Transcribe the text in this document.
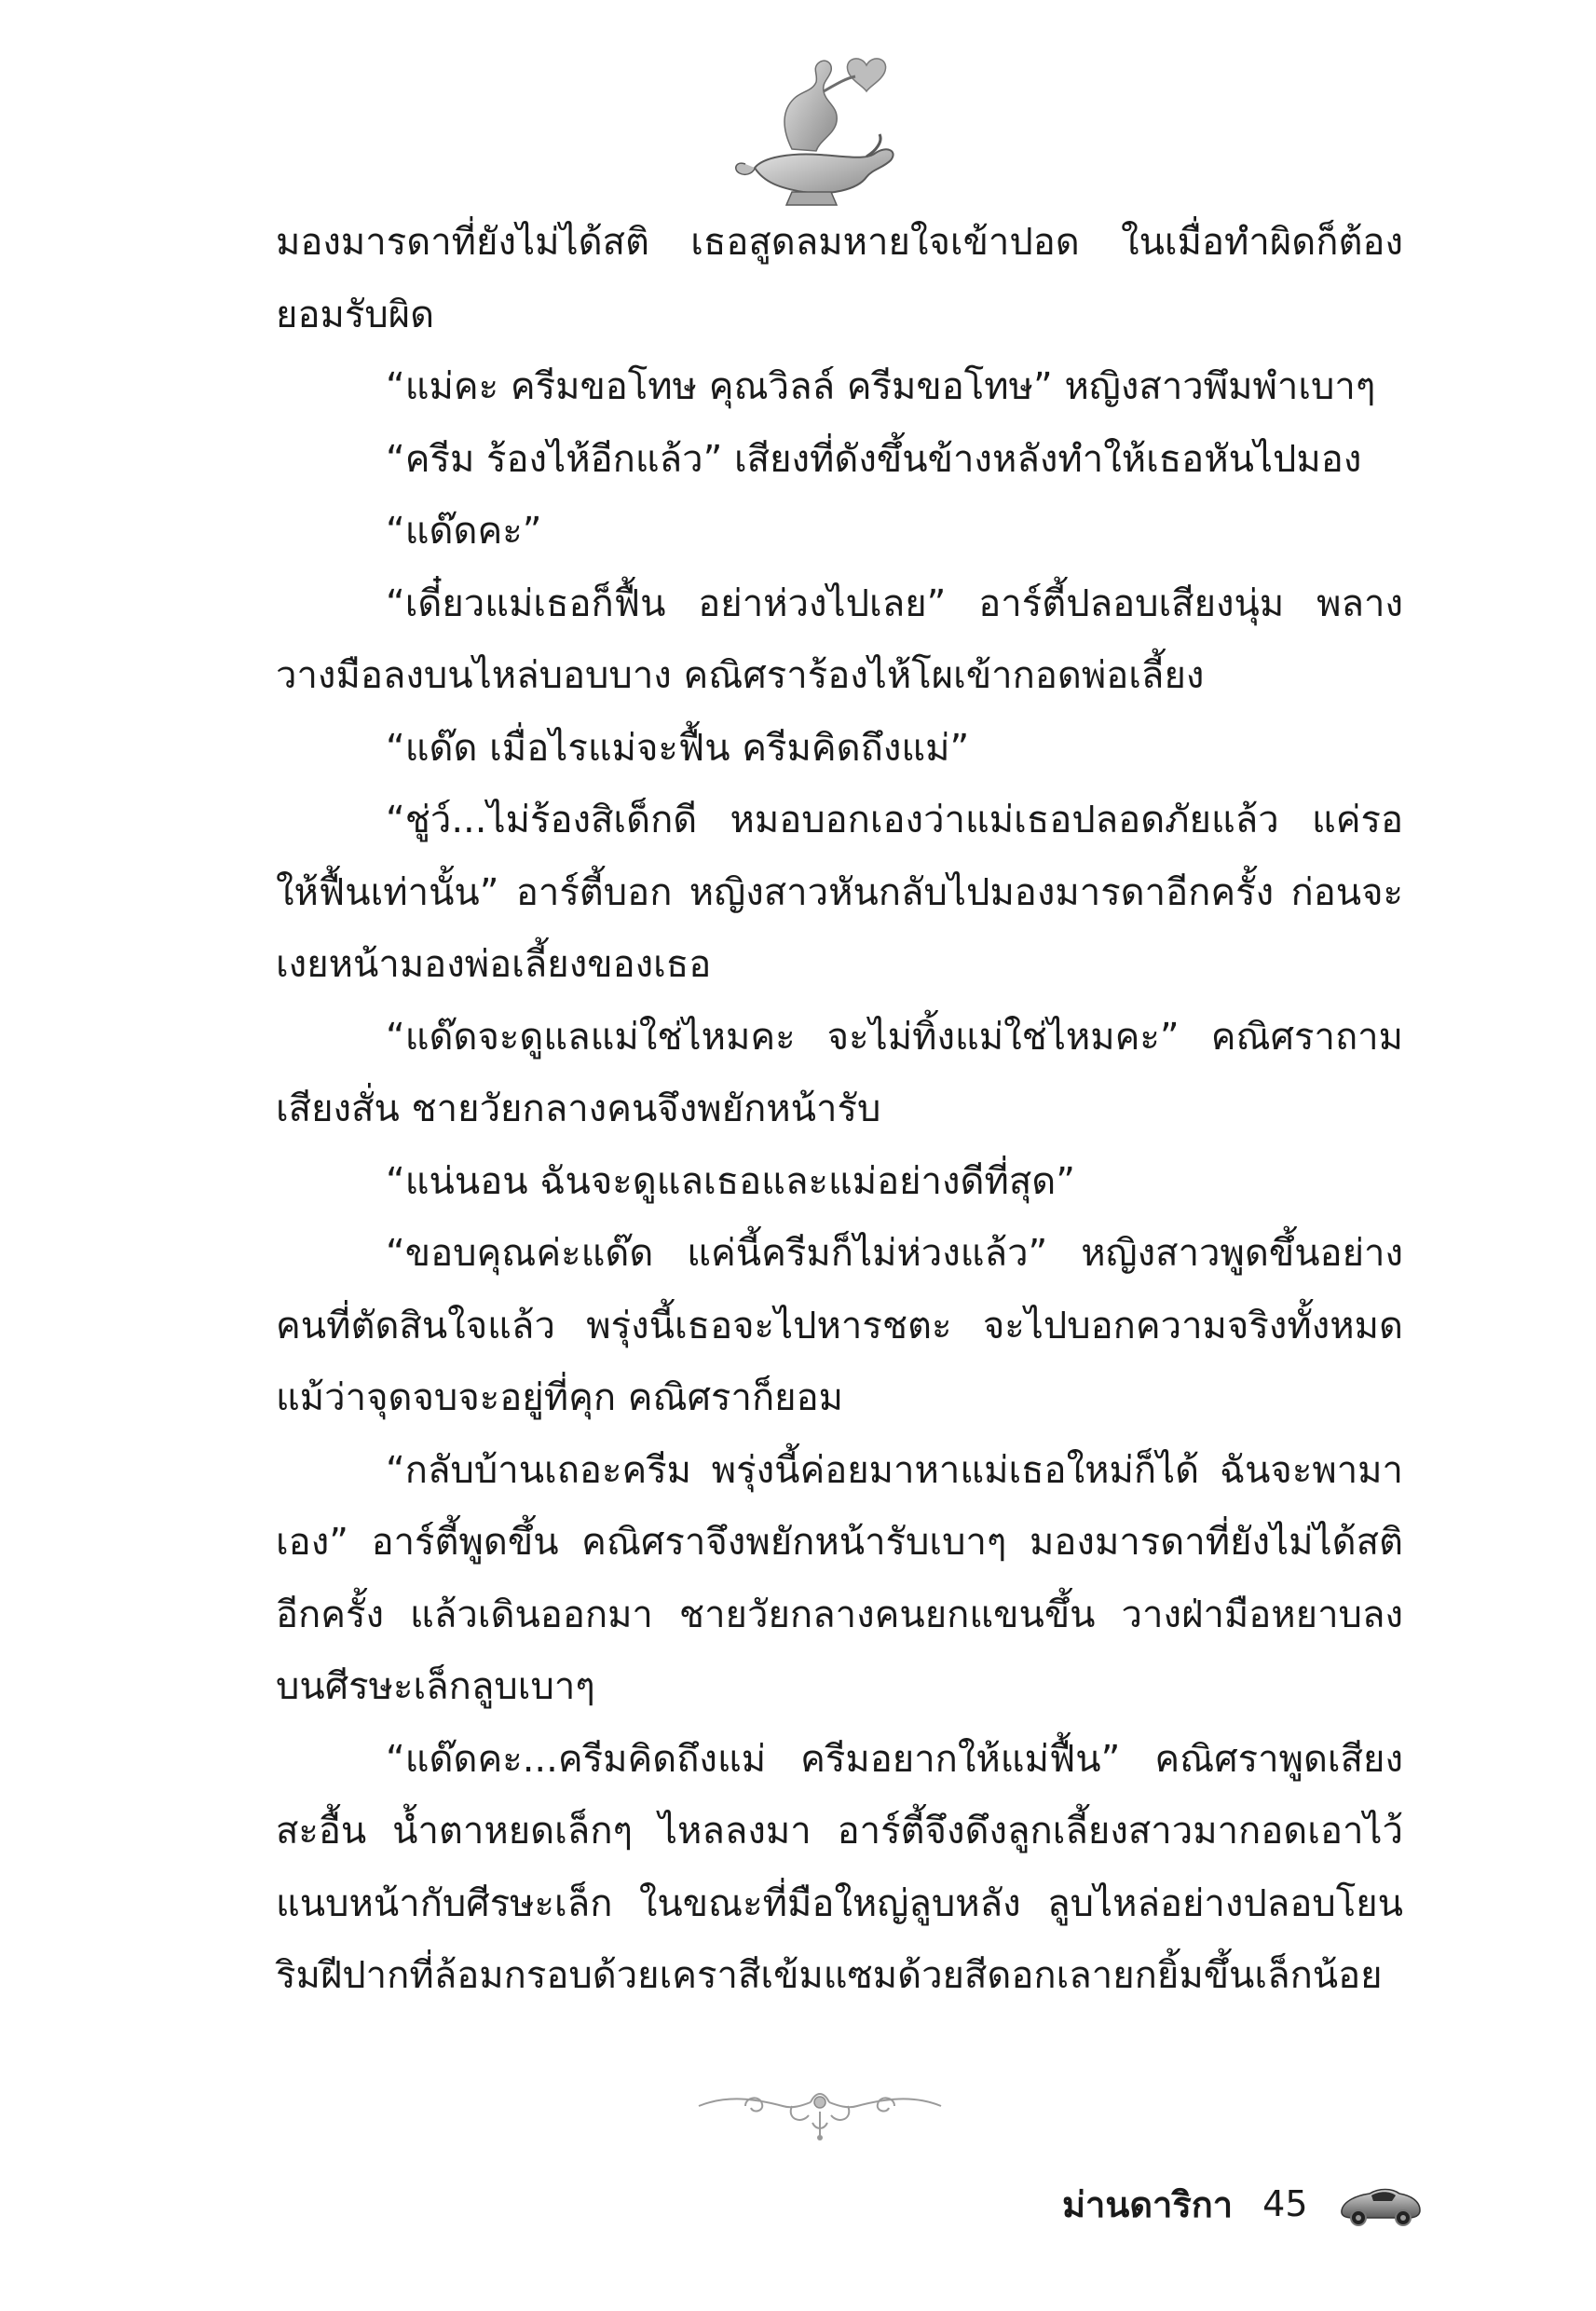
มองมารดาที่ยังไม่ได้สติ เธอสูดลมหายใจเข้าปอด ในเมื่อทำผิดก็ต้องยอมรับผิด

“แม่คะ ครีมขอโทษ คุณวิลล์ ครีมขอโทษ” หญิงสาวพึมพำเบาๆ

“ครีม ร้องไห้อีกแล้ว” เสียงที่ดังขึ้นข้างหลังทำให้เธอหันไปมอง

“แด๊ดคะ”

“เดี๋ยวแม่เธอก็ฟื้น อย่าห่วงไปเลย” อาร์ตี้ปลอบเสียงนุ่ม พลางวางมือลงบนไหล่บอบบาง คณิศราร้องไห้โผเข้ากอดพ่อเลี้ยง

“แด๊ด เมื่อไรแม่จะฟื้น ครีมคิดถึงแม่”

“ชู่ว์...ไม่ร้องสิเด็กดี หมอบอกเองว่าแม่เธอปลอดภัยแล้ว แค่รอให้ฟื้นเท่านั้น” อาร์ตี้บอก หญิงสาวหันกลับไปมองมารดาอีกครั้ง ก่อนจะเงยหน้ามองพ่อเลี้ยงของเธอ

“แด๊ดจะดูแลแม่ใช่ไหมคะ จะไม่ทิ้งแม่ใช่ไหมคะ” คณิศราถามเสียงสั่น ชายวัยกลางคนจึงพยักหน้ารับ

“แน่นอน ฉันจะดูแลเธอและแม่อย่างดีที่สุด”

“ขอบคุณค่ะแด๊ด แค่นี้ครีมก็ไม่ห่วงแล้ว” หญิงสาวพูดขึ้นอย่างคนที่ตัดสินใจแล้ว พรุ่งนี้เธอจะไปหารชตะ จะไปบอกความจริงทั้งหมดแม้ว่าจุดจบจะอยู่ที่คุก คณิศราก็ยอม

“กลับบ้านเถอะครีม พรุ่งนี้ค่อยมาหาแม่เธอใหม่ก็ได้ ฉันจะพามาเอง” อาร์ตี้พูดขึ้น คณิศราจึงพยักหน้ารับเบาๆ มองมารดาที่ยังไม่ได้สติอีกครั้ง แล้วเดินออกมา ชายวัยกลางคนยกแขนขึ้น วางฝ่ามือหยาบลงบนศีรษะเล็กลูบเบาๆ

“แด๊ดคะ...ครีมคิดถึงแม่ ครีมอยากให้แม่ฟื้น” คณิศราพูดเสียงสะอื้น น้ำตาหยดเล็กๆ ไหลลงมา อาร์ตี้จึงดึงลูกเลี้ยงสาวมากอดเอาไว้แนบหน้ากับศีรษะเล็ก ในขณะที่มือใหญ่ลูบหลัง ลูบไหล่อย่างปลอบโยน ริมฝีปากที่ล้อมกรอบด้วยเคราสีเข้มแซมด้วยสีดอกเลายกยิ้มขึ้นเล็กน้อย

ม่านดาริกา 45
